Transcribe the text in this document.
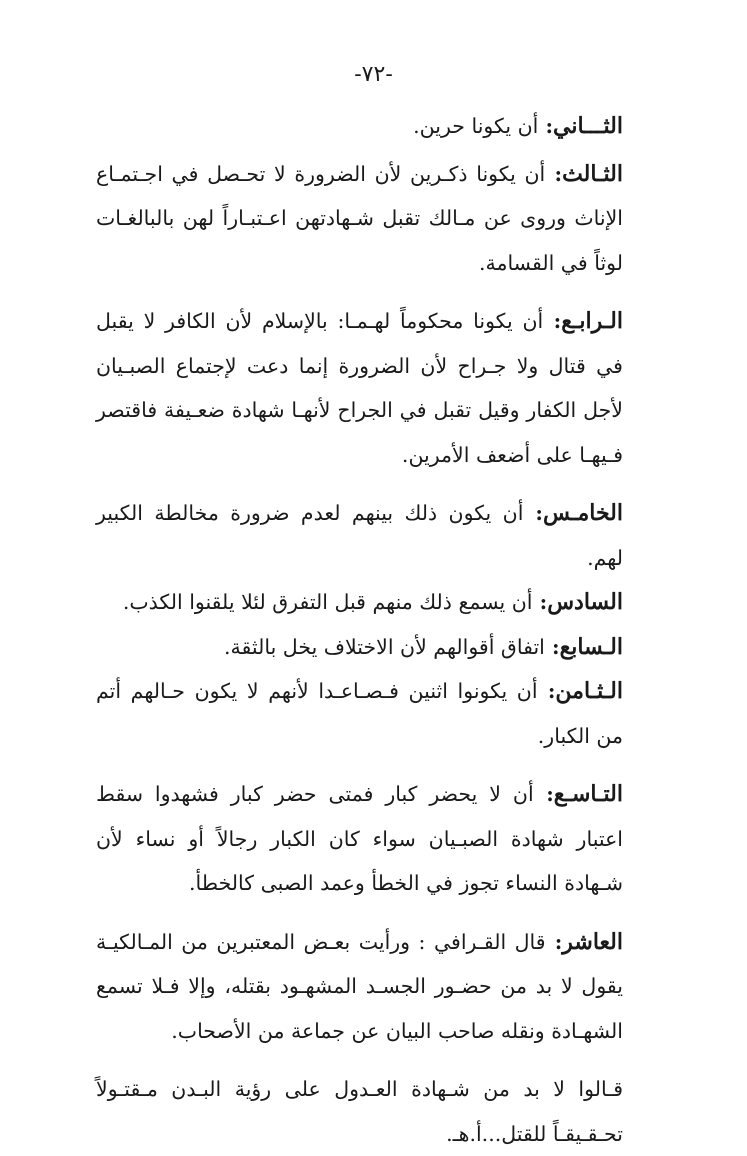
-٧٢-

الثـــاني: أن يكونا حرين.

الثـالث: أن يكونا ذكـرين لأن الضرورة لا تحـصل في اجـتمـاع الإناث وروى عن مـالك تقبل شـهادتهن اعـتبـاراً لهن بالبالغـات لوثاً في القسامة.

الـرابـع: أن يكونا محكوماً لهـمـا: بالإسلام لأن الكافر لا يقبل في قتال ولا جـراح لأن الضرورة إنما دعت لإجتماع الصبـيان لأجل الكفار وقيل تقبل في الجراح لأنهـا شهادة ضعـيفة فاقتصر فـيهـا على أضعف الأمرين.

الخامـس: أن يكون ذلك بينهم لعدم ضرورة مخالطة الكبير لهم.

السادس: أن يسمع ذلك منهم قبل التفرق لئلا يلقنوا الكذب.

الـسابع: اتفاق أقوالهم لأن الاختلاف يخل بالثقة.

الـثـامن: أن يكونوا اثنين فـصـاعـدا لأنهم لا يكون حـالهم أتم من الكبار.

التـاسـع: أن لا يحضر كبار فمتى حضر كبار فشهدوا سقط اعتبار شهادة الصبـيان سواء كان الكبار رجالاً أو نساء لأن شـهادة النساء تجوز في الخطأ وعمد الصبى كالخطأ.

العاشر: قال القـرافي : ورأيت بعـض المعتبرين من المـالكيـة يقول لا بد من حضـور الجسـد المشهـود بقتله، وإلا فـلا تسمع الشهـادة ونقله صاحب البيان عن جماعة من الأصحاب.

قـالوا لا بد من شـهادة العـدول على رؤية البـدن مـقتـولاً تحـقـيقـاً للقتل...أ.هـ.
